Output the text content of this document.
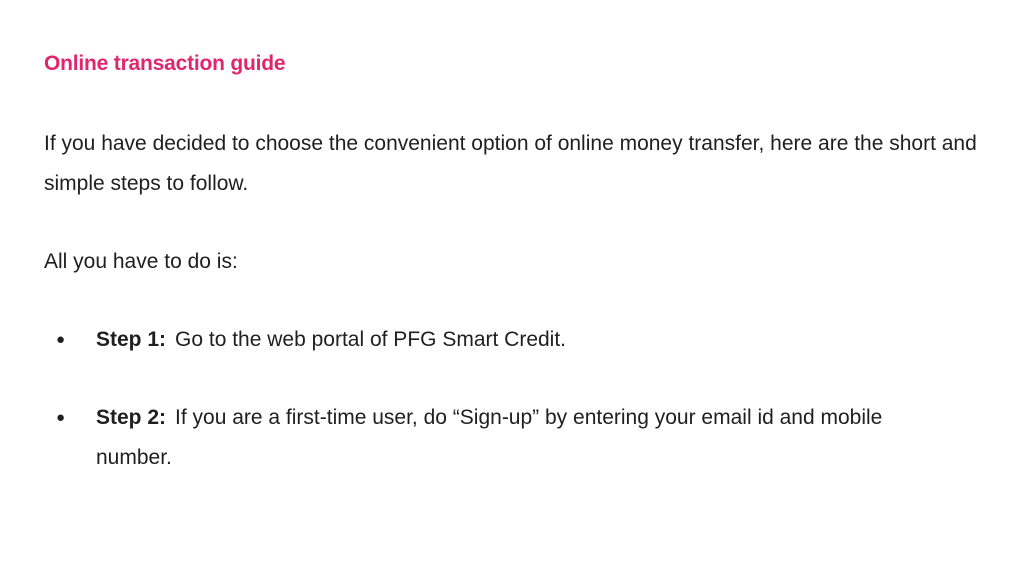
Online transaction guide
If you have decided to choose the convenient option of online money transfer, here are the short and simple steps to follow.
All you have to do is:
● Step 1: Go to the web portal of PFG Smart Credit.
● Step 2: If you are a first-time user, do “Sign-up” by entering your email id and mobile number.
